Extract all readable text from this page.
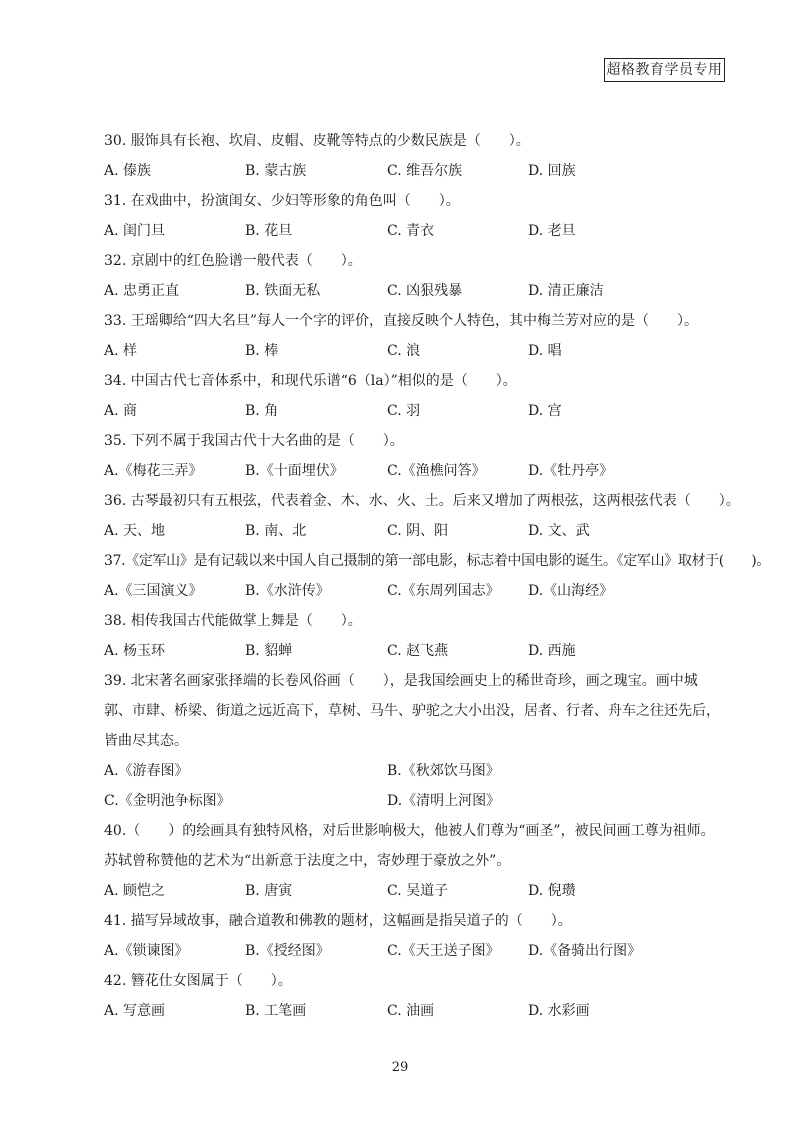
超格教育学员专用
30. 服饰具有长袍、坎肩、皮帽、皮靴等特点的少数民族是（　　）。
A. 傣族	B. 蒙古族	C. 维吾尔族	D. 回族
31. 在戏曲中，扮演闺女、少妇等形象的角色叫（　　）。
A. 闺门旦	B. 花旦	C. 青衣	D. 老旦
32. 京剧中的红色脸谱一般代表（　　）。
A. 忠勇正直	B. 铁面无私	C. 凶狠残暴	D. 清正廉洁
33. 王瑶卿给“四大名旦”每人一个字的评价，直接反映个人特色，其中梅兰芳对应的是（　　）。
A. 样	B. 棒	C. 浪	D. 唱
34. 中国古代七音体系中，和现代乐谱“6（la）”相似的是（　　）。
A. 商	B. 角	C. 羽	D. 宫
35. 下列不属于我国古代十大名曲的是（　　）。
A.《梅花三弄》	B.《十面埋伏》	C.《渔樵问答》	D.《牡丹亭》
36. 古琴最初只有五根弦，代表着金、木、水、火、土。后来又增加了两根弦，这两根弦代表（　　）。
A. 天、地	B. 南、北	C. 阴、阳	D. 文、武
37.《定军山》是有记载以来中国人自己摄制的第一部电影，标志着中国电影的诞生。《定军山》取材于(　　)。
A.《三国演义》	B.《水浒传》	C.《东周列国志》 D.《山海经》
38. 相传我国古代能做掌上舞是（　　）。
A. 杨玉环	B. 貂蝉	C. 赵飞燕	D. 西施
39. 北宋著名画家张择端的长卷风俗画（　　），是我国绘画史上的稀世奇珍，画之瑰宝。画中城郭、市肆、桥梁、街道之远近高下，草树、马牛、驴驼之大小出没，居者、行者、舟车之往还先后，皆曲尽其态。
A.《游春图》	B.《秋郊饮马图》
C.《金明池争标图》	D.《清明上河图》
40.（　　）的绘画具有独特风格，对后世影响极大，他被人们尊为“画圣”，被民间画工尊为祖师。苏轼曾称赞他的艺术为“出新意于法度之中，寄妙理于豪放之外”。
A. 顾恺之	B. 唐寅	C. 吴道子	D. 倪瓒
41. 描写异域故事，融合道教和佛教的题材，这幅画是指吴道子的（　　）。
A.《锁谏图》	B.《授经图》	C.《天王送子图》 D.《备骑出行图》
42. 簪花仕女图属于（　　）。
A. 写意画	B. 工笔画	C. 油画	D. 水彩画
29
